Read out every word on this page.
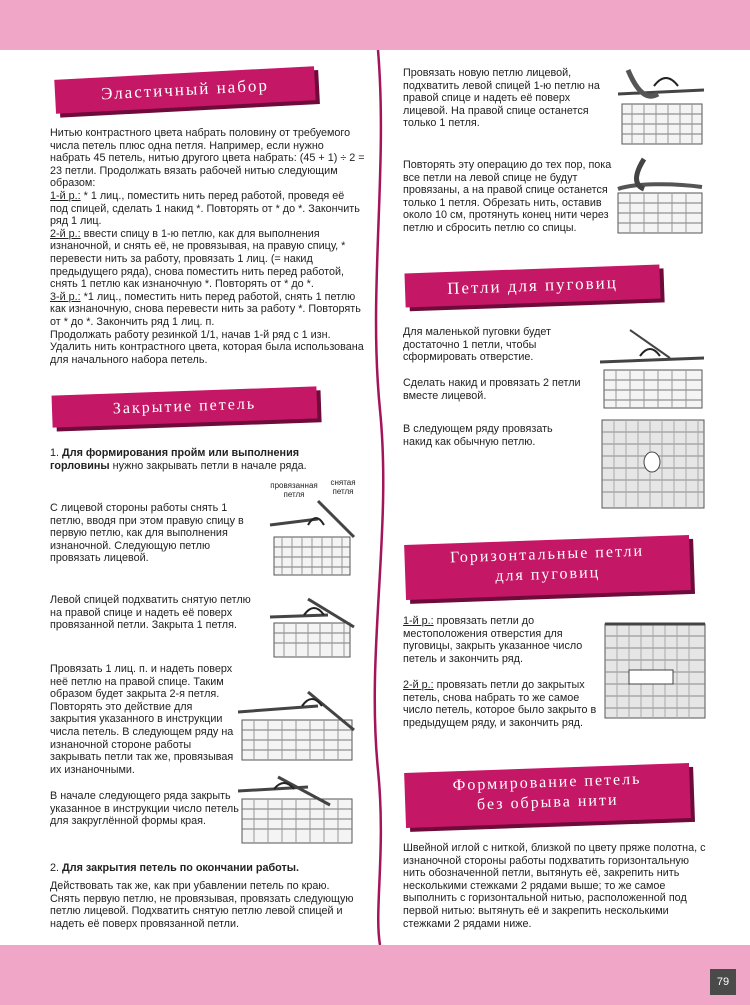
Эластичный набор

Нитью контрастного цвета набрать половину от требуемого числа петель плюс одна петля. Например, если нужно набрать 45 петель, нитью другого цвета набрать: (45 + 1) ÷ 2 = 23 петли. Продолжать вязать рабочей нитью следующим образом:

1-й р.: * 1 лиц., поместить нить перед работой, проведя её под спицей, сделать 1 накид *. Повторять от * до *. Закончить ряд 1 лиц.

2-й р.: ввести спицу в 1-ю петлю, как для выполнения изнаночной, и снять её, не провязывая, на правую спицу, * перевести нить за работу, провязать 1 лиц. (= накид предыдущего ряда), снова поместить нить перед работой, снять 1 петлю как изнаночную *. Повторять от * до *.

3-й р.: *1 лиц., поместить нить перед работой, снять 1 петлю как изнаночную, снова перевести нить за работу *. Повторять от * до *. Закончить ряд 1 лиц. п.

Продолжать работу резинкой 1/1, начав 1-й ряд с 1 изн. Удалить нить контрастного цвета, которая была использована для начального набора петель.

Закрытие петель
1. Для формирования пройм или выполнения горловины нужно закрывать петли в начале ряда.
провязанная петля
снятая петля
С лицевой стороны работы снять 1 петлю, вводя при этом правую спицу в первую петлю, как для выполнения изнаночной. Следующую петлю провязать лицевой.
Левой спицей подхватить снятую петлю на правой спице и надеть её поверх провязанной петли. Закрыта 1 петля.
Провязать 1 лиц. п. и надеть поверх неё петлю на правой спице. Таким образом будет закрыта 2-я петля. Повторять это действие для закрытия указанного в инструкции числа петель. В следующем ряду на изнаночной стороне работы закрывать петли так же, провязывая их изнаночными.
В начале следующего ряда закрыть указанное в инструкции число петель для закруглённой формы края.
2. Для закрытия петель по окончании работы.
Действовать так же, как при убавлении петель по краю. Снять первую петлю, не провязывая, провязать следующую петлю лицевой. Подхватить снятую петлю левой спицей и надеть её поверх провязанной петли.
Провязать новую петлю лицевой, подхватить левой спицей 1-ю петлю на правой спице и надеть её поверх лицевой. На правой спице останется только 1 петля.
Повторять эту операцию до тех пор, пока все петли на левой спице не будут провязаны, а на правой спице останется только 1 петля. Обрезать нить, оставив около 10 см, протянуть конец нити через петлю и сбросить петлю со спицы.
Петли для пуговиц
Для маленькой пуговки будет достаточно 1 петли, чтобы сформировать отверстие.
Сделать накид и провязать 2 петли вместе лицевой.
В следующем ряду провязать накид как обычную петлю.
Горизонтальные петли
для пуговиц
1-й р.: провязать петли до местоположения отверстия для пуговицы, закрыть указанное число петель и закончить ряд.
2-й р.: провязать петли до закрытых петель, снова набрать то же самое число петель, которое было закрыто в предыдущем ряду, и закончить ряд.
Формирование петель
без обрыва нити
Швейной иглой с ниткой, близкой по цвету пряже полотна, с изнаночной стороны работы подхватить горизонтальную нить обозначенной петли, вытянуть её, закрепить нить несколькими стежками 2 рядами выше; то же самое выполнить с горизонтальной нитью, расположенной под первой нитью: вытянуть её и закрепить несколькими стежками 2 рядами ниже.
79
